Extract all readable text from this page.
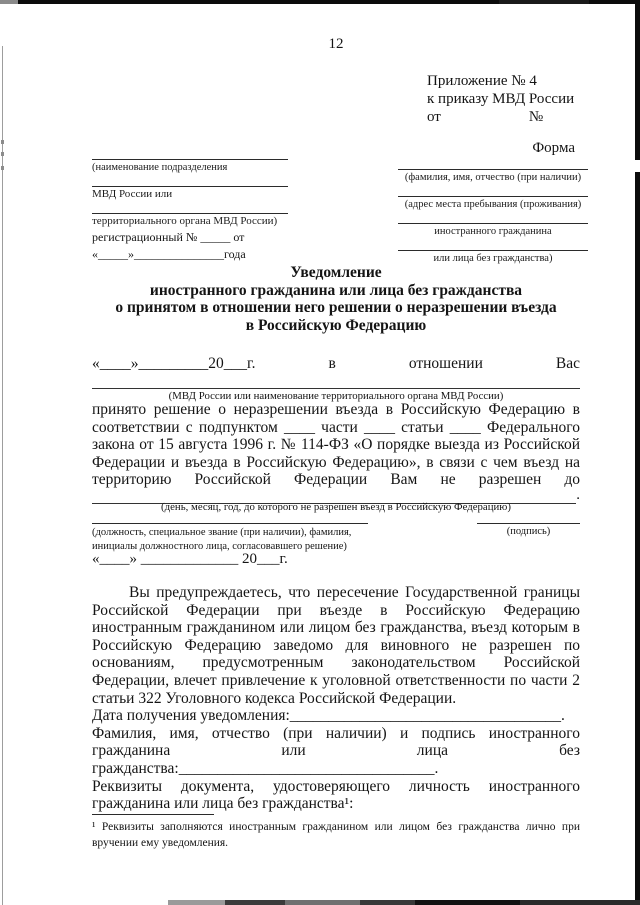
12
Приложение № 4
к приказу МВД России
от	№
Форма
(наименование подразделения
МВД России или
территориального органа МВД России)
регистрационный № _____ от
«_____»_______________года
(фамилия, имя, отчество (при наличии)
(адрес места пребывания (проживания)
иностранного гражданина
или лица без гражданства)
Уведомление
иностранного гражданина или лица без гражданства
о принятом в отношении него решении о неразрешении въезда
в Российскую Федерацию
«____»_________20___г.	в	отношении	Вас
(МВД России или наименование территориального органа МВД России)
принято решение о неразрешении въезда в Российскую Федерацию в соответствии с подпунктом ____ части ____ статьи ____ Федерального закона от 15 августа 1996 г. № 114-ФЗ «О порядке выезда из Российской Федерации и въезда в Российскую Федерацию», в связи с чем въезд на территорию Российской Федерации Вам не разрешен до
.
(день, месяц, год, до которого не разрешен въезд в Российскую Федерацию)
(должность, специальное звание (при наличии), фамилия,
инициалы должностного лица, согласовавшего решение)
(подпись)
«____» _____________ 20___г.
Вы предупреждаетесь, что пересечение Государственной границы Российской Федерации при въезде в Российскую Федерацию иностранным гражданином или лицом без гражданства, въезд которым в Российскую Федерацию заведомо для виновного не разрешен по основаниям, предусмотренным законодательством Российской Федерации, влечет привлечение к уголовной ответственности по части 2 статьи 322 Уголовного кодекса Российской Федерации.
Дата получения уведомления:___________________________________.
Фамилия, имя, отчество (при наличии) и подпись иностранного гражданина или лица без гражданства:_________________________________.
Реквизиты документа, удостоверяющего личность иностранного
гражданина или лица без гражданства¹:
¹ Реквизиты заполняются иностранным гражданином или лицом без гражданства лично при вручении ему уведомления.
